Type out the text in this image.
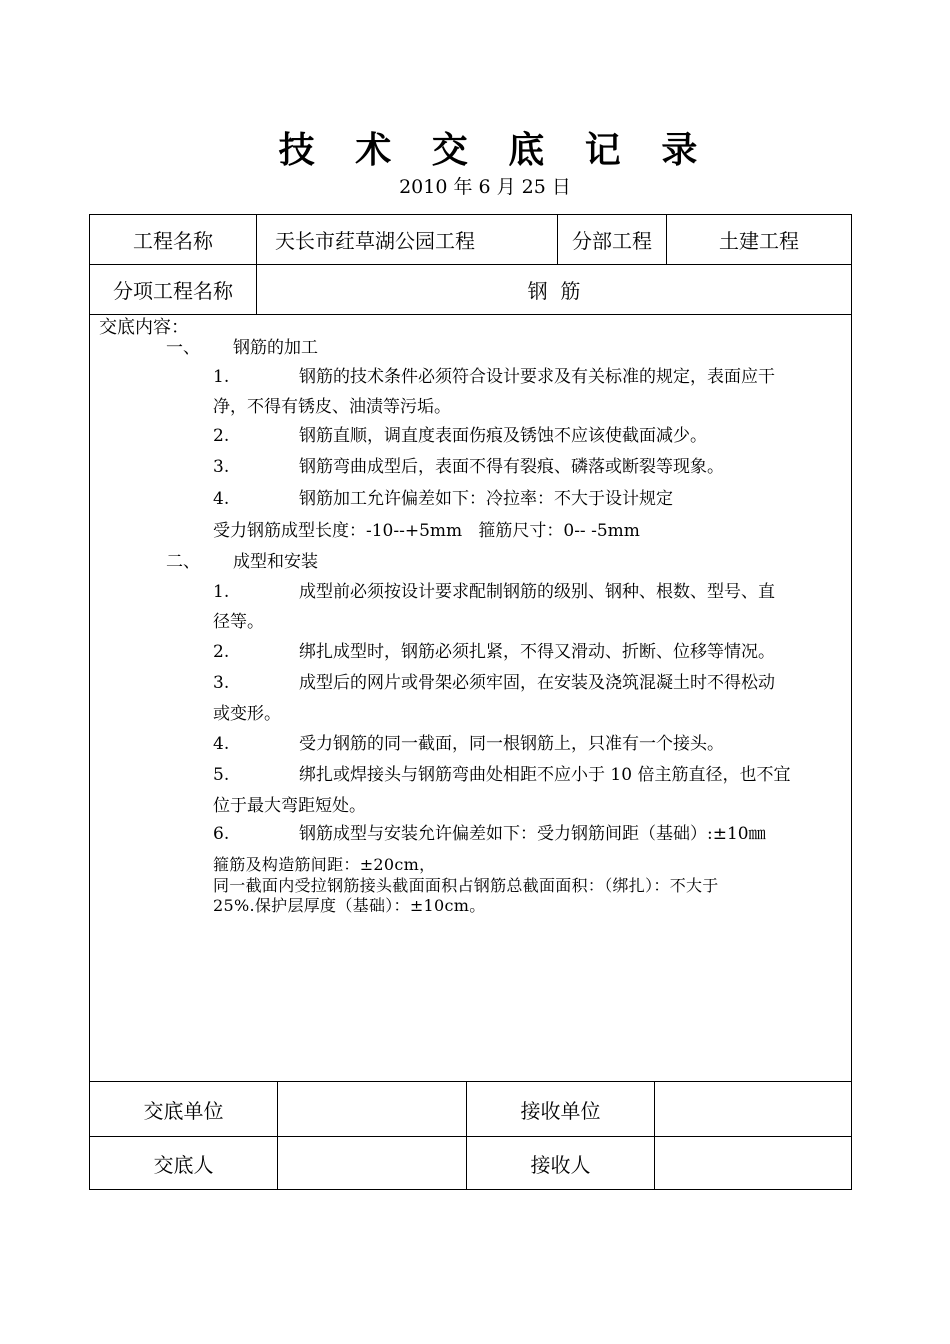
技 术 交 底 记 录
2010 年 6 月 25 日
工程名称	天长市荭草湖公园工程	分部工程	土建工程
分项工程名称	钢  筋
交底内容：
一、 钢筋的加工
1.	钢筋的技术条件必须符合设计要求及有关标准的规定，表面应干
净，不得有锈皮、油渍等污垢。
2.	钢筋直顺，调直度表面伤痕及锈蚀不应该使截面减少。
3.	钢筋弯曲成型后，表面不得有裂痕、磷落或断裂等现象。
4.	钢筋加工允许偏差如下：冷拉率：不大于设计规定
受力钢筋成型长度：-10--+5mm   箍筋尺寸：0-- -5mm
二、 成型和安装
1.	成型前必须按设计要求配制钢筋的级别、钢种、根数、型号、直
径等。
2.	绑扎成型时，钢筋必须扎紧，不得又滑动、折断、位移等情况。
3.	成型后的网片或骨架必须牢固，在安装及浇筑混凝土时不得松动
或变形。
4.	受力钢筋的同一截面，同一根钢筋上，只准有一个接头。
5.	绑扎或焊接头与钢筋弯曲处相距不应小于 10 倍主筋直径，也不宜
位于最大弯距短处。
6.	钢筋成型与安装允许偏差如下：受力钢筋间距（基础）:±10㎜
箍筋及构造筋间距：±20cm，
同一截面内受拉钢筋接头截面面积占钢筋总截面面积：（绑扎）：不大于
25%.保护层厚度（基础）：±10cm。
交底单位	接收单位
交底人	接收人
